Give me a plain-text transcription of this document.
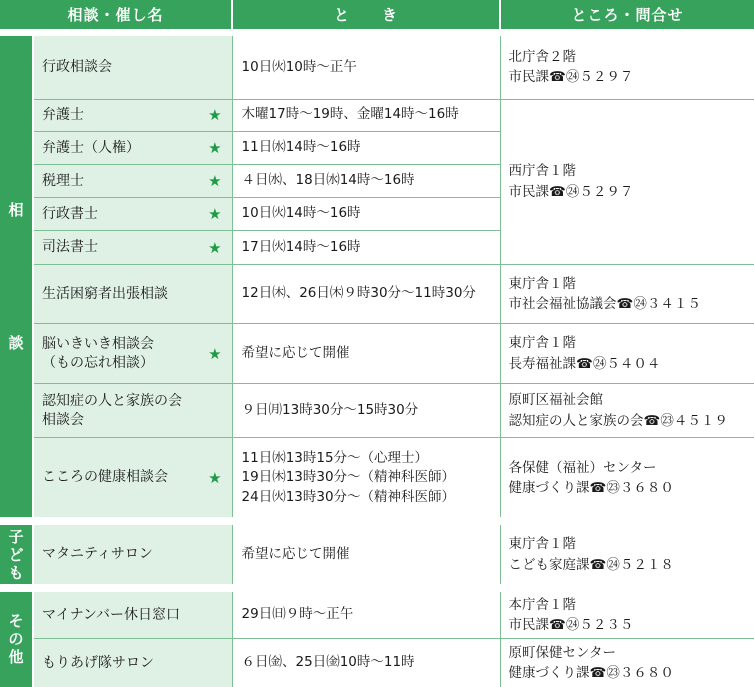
相談・催し名		と　　き	ところ・問合せ

相
談	行政相談会	10日㈫10時～正午	北庁舎２階
市民課☎㉔５２９７

	弁護士 ★	木曜17時～19時、金曜14時～16時	西庁舎１階
市民課☎㉔５２９７

	弁護士（人権） ★	11日㈬14時～16時	

	税理士 ★	４日㈬、18日㈬14時～16時	

	行政書士 ★	10日㈫14時～16時	

	司法書士 ★	17日㈫14時～16時	

	生活困窮者出張相談	12日㈭、26日㈭９時30分～11時30分	東庁舎１階
市社会福祉協議会☎㉔３４１５

	脳いきいき相談会
（もの忘れ相談） ★	希望に応じて開催	東庁舎１階
長寿福祉課☎㉔５４０４

	認知症の人と家族の会
相談会	９日㈪13時30分～15時30分	原町区福祉会館
認知症の人と家族の会☎㉓４５１９

	こころの健康相談会 ★	11日㈬13時15分～（心理士）
19日㈭13時30分～（精神科医師）
24日㈫13時30分～（精神科医師）	各保健（福祉）センター
健康づくり課☎㉓３６８０

子
ど
も	マタニティサロン	希望に応じて開催	東庁舎１階
こども家庭課☎㉔５２１８

そ
の
他	マイナンバー休日窓口	29日㈰９時～正午	本庁舎１階
市民課☎㉔５２３５

	もりあげ隊サロン	６日㈮、25日㈮10時～11時	原町保健センター
健康づくり課☎㉓３６８０
